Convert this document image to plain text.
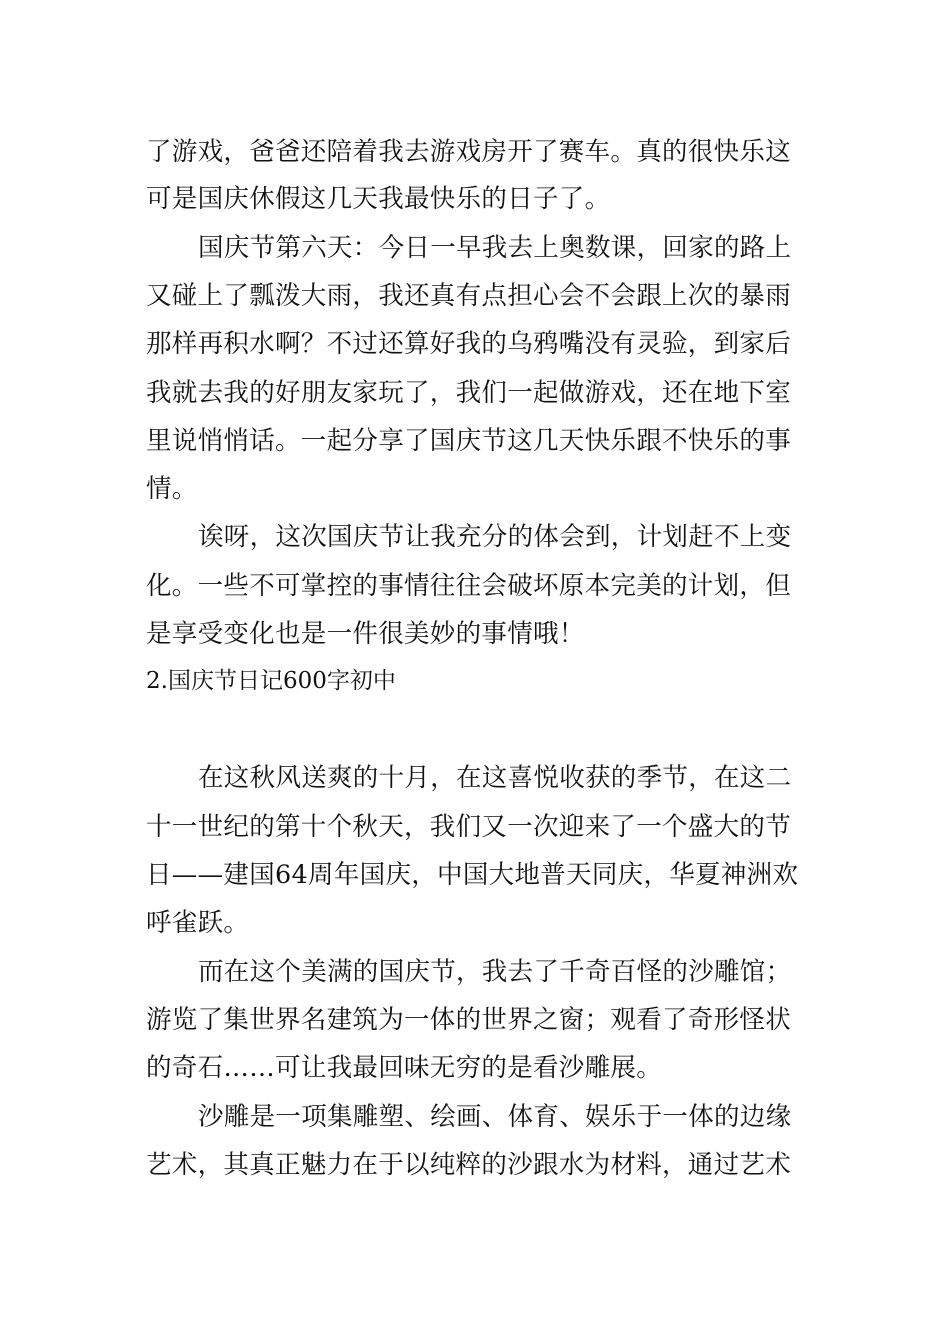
了游戏，爸爸还陪着我去游戏房开了赛车。真的很快乐这
可是国庆休假这几天我最快乐的日子了。
国庆节第六天：今日一早我去上奥数课，回家的路上
又碰上了瓢泼大雨，我还真有点担心会不会跟上次的暴雨
那样再积水啊？不过还算好我的乌鸦嘴没有灵验，到家后
我就去我的好朋友家玩了，我们一起做游戏，还在地下室
里说悄悄话。一起分享了国庆节这几天快乐跟不快乐的事
情。
诶呀，这次国庆节让我充分的体会到，计划赶不上变
化。一些不可掌控的事情往往会破坏原本完美的计划，但
是享受变化也是一件很美妙的事情哦！
2.国庆节日记600字初中
在这秋风送爽的十月，在这喜悦收获的季节，在这二
十一世纪的第十个秋天，我们又一次迎来了一个盛大的节
日——建国64周年国庆，中国大地普天同庆，华夏神洲欢
呼雀跃。
而在这个美满的国庆节，我去了千奇百怪的沙雕馆；
游览了集世界名建筑为一体的世界之窗；观看了奇形怪状
的奇石……可让我最回味无穷的是看沙雕展。
沙雕是一项集雕塑、绘画、体育、娱乐于一体的边缘
艺术，其真正魅力在于以纯粹的沙跟水为材料，通过艺术
